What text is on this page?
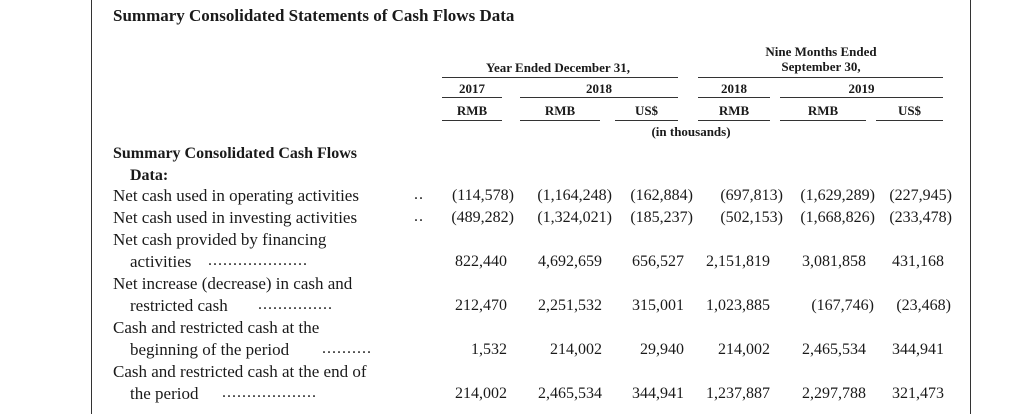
Summary Consolidated Statements of Cash Flows Data
Year Ended December 31,
Nine Months Ended
September 30,
2017	2018	2018	2019
RMB	RMB	US$	RMB	RMB	US$
(in thousands)
Summary Consolidated Cash Flows
Data:
Net cash used in operating activities	..	(114,578)	(1,164,248)	(162,884)	(697,813)	(1,629,289) (227,945)
Net cash used in investing activities	..	(489,282)	(1,324,021)	(185,237)	(502,153)	(1,668,826) (233,478)
Net cash provided by financing
activities ....................	822,440	4,692,659	656,527	2,151,819	3,081,858	431,168
Net increase (decrease) in cash and
restricted cash ...............	212,470	2,251,532	315,001	1,023,885	(167,746)	(23,468)
Cash and restricted cash at the
beginning of the period ..........	1,532	214,002	29,940	214,002	2,465,534	344,941
Cash and restricted cash at the end of
the period ...................	214,002	2,465,534	344,941	1,237,887	2,297,788	321,473
